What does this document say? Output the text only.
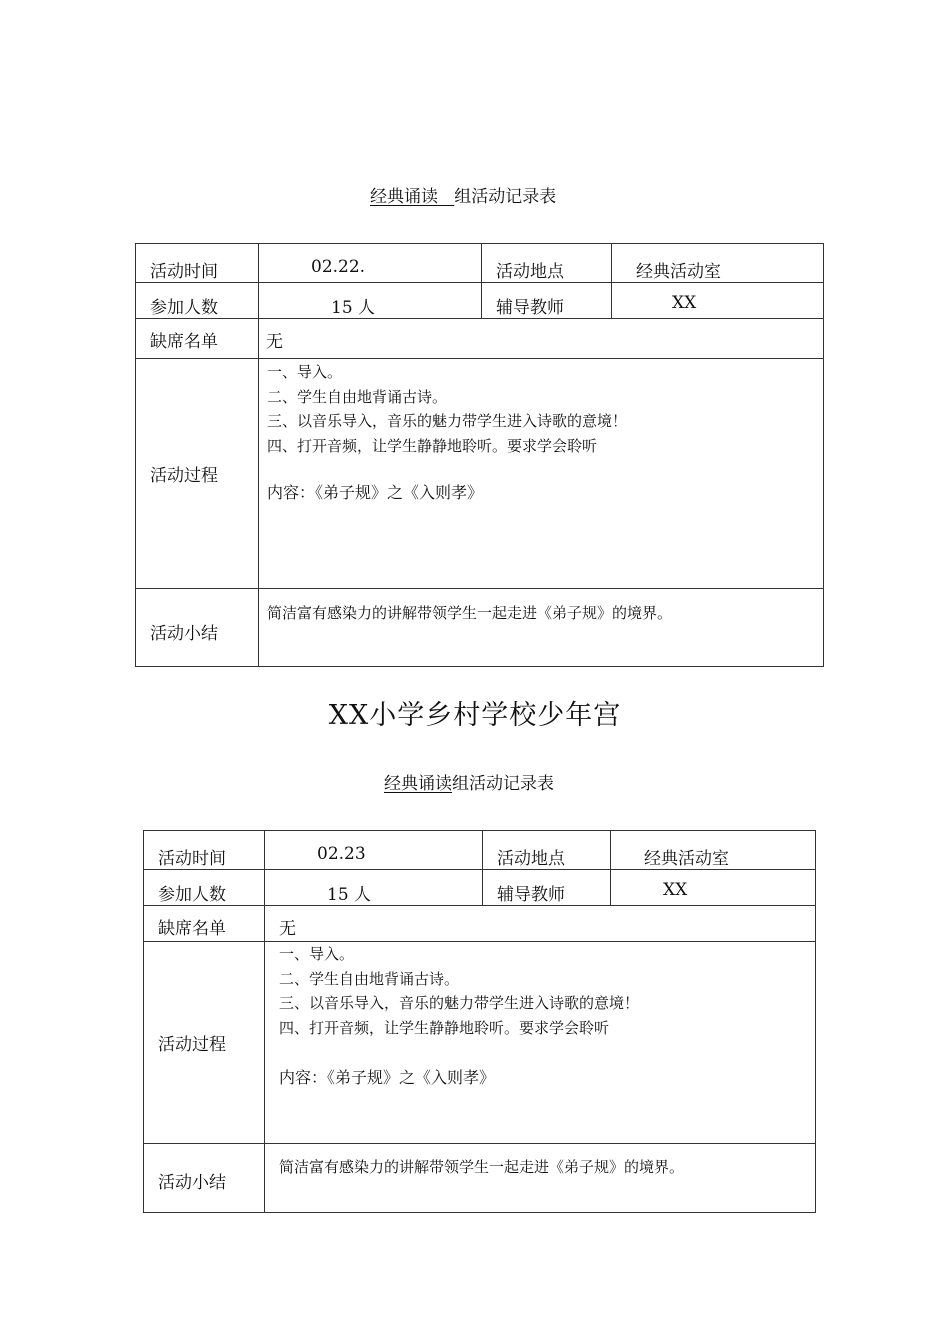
经典诵读 组活动记录表
活动时间	02.22.	活动地点	经典活动室

参加人数	15 人	辅导教师	XX

缺席名单	无		

活动过程	一、导入。
二、学生自由地背诵古诗。
三、以音乐导入，音乐的魅力带学生进入诗歌的意境！
四、打开音频，让学生静静地聆听。要求学会聆听
内容：《弟子规》之《入则孝》		

活动小结	简洁富有感染力的讲解带领学生一起走进《弟子规》的境界。		
XX小学乡村学校少年宫
经典诵读组活动记录表
活动时间	02.23	活动地点	经典活动室

参加人数	15 人	辅导教师	XX

缺席名单	无		

活动过程	一、导入。
二、学生自由地背诵古诗。
三、以音乐导入，音乐的魅力带学生进入诗歌的意境！
四、打开音频，让学生静静地聆听。要求学会聆听
内容：《弟子规》之《入则孝》		

活动小结	简洁富有感染力的讲解带领学生一起走进《弟子规》的境界。		
